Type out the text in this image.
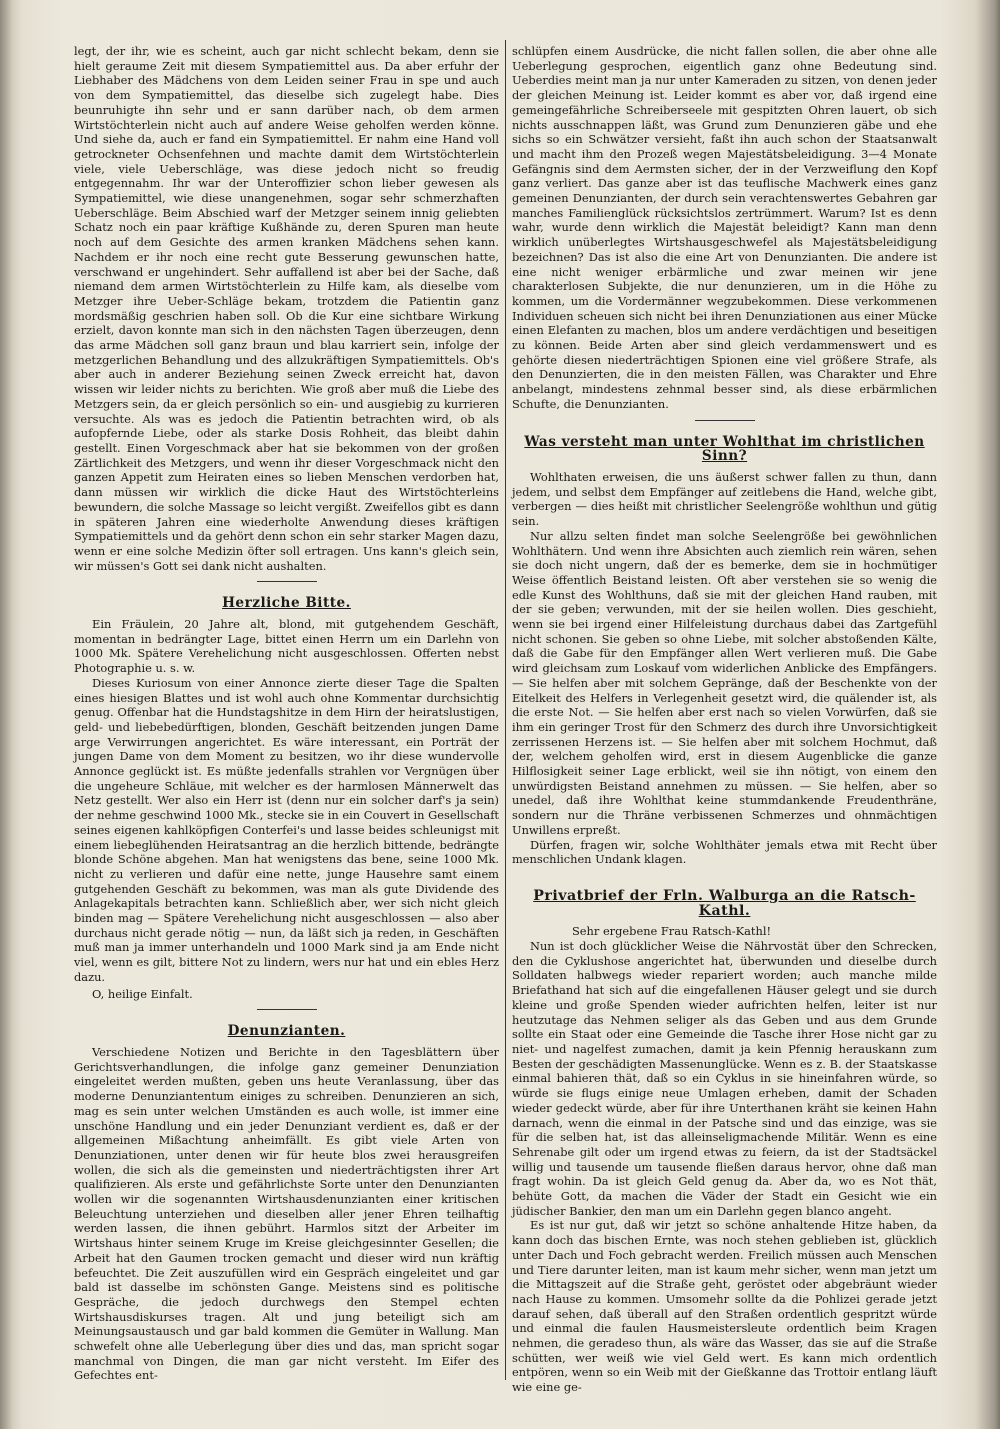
legt, der ihr, wie es scheint, auch gar nicht schlecht bekam, denn sie hielt geraume Zeit mit diesem Sympatiemittel aus. Da aber erfuhr der Liebhaber des Mädchens von dem Leiden seiner Frau in spe und auch von dem Sympatiemittel, das dieselbe sich zugelegt habe. Dies beunruhigte ihn sehr und er sann darüber nach, ob dem armen Wirtstöchterlein nicht auch auf andere Weise geholfen werden könne. Und siehe da, auch er fand ein Sympatiemittel. Er nahm eine Hand voll getrockneter Ochsenfehnen und machte damit dem Wirtstöchterlein viele, viele Ueberschläge, was diese jedoch nicht so freudig entgegennahm. Ihr war der Unteroffizier schon lieber gewesen als Sympatiemittel, wie diese unangenehmen, sogar sehr schmerzhaften Ueberschläge. Beim Abschied warf der Metzger seinem innig geliebten Schatz noch ein paar kräftige Kußhände zu, deren Spuren man heute noch auf dem Gesichte des armen kranken Mädchens sehen kann. Nachdem er ihr noch eine recht gute Besserung gewunschen hatte, verschwand er ungehindert. Sehr auffallend ist aber bei der Sache, daß niemand dem armen Wirtstöchterlein zu Hilfe kam, als dieselbe vom Metzger ihre Ueber-Schläge bekam, trotzdem die Patientin ganz mordsmäßig geschrien haben soll. Ob die Kur eine sichtbare Wirkung erzielt, davon konnte man sich in den nächsten Tagen überzeugen, denn das arme Mädchen soll ganz braun und blau karriert sein, infolge der metzgerlichen Behandlung und des allzukräftigen Sympatiemittels. Ob's aber auch in anderer Beziehung seinen Zweck erreicht hat, davon wissen wir leider nichts zu berichten. Wie groß aber muß die Liebe des Metzgers sein, da er gleich persönlich so ein- und ausgiebig zu kurrieren versuchte. Als was es jedoch die Patientin betrachten wird, ob als aufopfernde Liebe, oder als starke Dosis Rohheit, das bleibt dahin gestellt. Einen Vorgeschmack aber hat sie bekommen von der großen Zärtlichkeit des Metzgers, und wenn ihr dieser Vorgeschmack nicht den ganzen Appetit zum Heiraten eines so lieben Menschen verdorben hat, dann müssen wir wirklich die dicke Haut des Wirtstöchterleins bewundern, die solche Massage so leicht vergißt. Zweifellos gibt es dann in späteren Jahren eine wiederholte Anwendung dieses kräftigen Sympatiemittels und da gehört denn schon ein sehr starker Magen dazu, wenn er eine solche Medizin öfter soll ertragen. Uns kann's gleich sein, wir müssen's Gott sei dank nicht aushalten.

Herzliche Bitte.

Ein Fräulein, 20 Jahre alt, blond, mit gutgehendem Geschäft, momentan in bedrängter Lage, bittet einen Herrn um ein Darlehn von 1000 Mk. Spätere Verehelichung nicht ausgeschlossen. Offerten nebst Photographie u. s. w.

Dieses Kuriosum von einer Annonce zierte dieser Tage die Spalten eines hiesigen Blattes und ist wohl auch ohne Kommentar durchsichtig genug. Offenbar hat die Hundstagshitze in dem Hirn der heiratslustigen, geld- und liebebedürftigen, blonden, Geschäft beitzenden jungen Dame arge Verwirrungen angerichtet. Es wäre interessant, ein Porträt der jungen Dame von dem Moment zu besitzen, wo ihr diese wundervolle Annonce geglückt ist. Es müßte jedenfalls strahlen vor Vergnügen über die ungeheure Schläue, mit welcher es der harmlosen Männerwelt das Netz gestellt. Wer also ein Herr ist (denn nur ein solcher darf's ja sein) der nehme geschwind 1000 Mk., stecke sie in ein Couvert in Gesellschaft seines eigenen kahlköpfigen Conterfei's und lasse beides schleunigst mit einem liebeglühenden Heiratsantrag an die herzlich bittende, bedrängte blonde Schöne abgehen. Man hat wenigstens das bene, seine 1000 Mk. nicht zu verlieren und dafür eine nette, junge Hausehre samt einem gutgehenden Geschäft zu bekommen, was man als gute Dividende des Anlagekapitals betrachten kann. Schließlich aber, wer sich nicht gleich binden mag — Spätere Verehelichung nicht ausgeschlossen — also aber durchaus nicht gerade nötig — nun, da läßt sich ja reden, in Geschäften muß man ja immer unterhandeln und 1000 Mark sind ja am Ende nicht viel, wenn es gilt, bittere Not zu lindern, wers nur hat und ein ebles Herz dazu.

O, heilige Einfalt.

Denunzianten.

Verschiedene Notizen und Berichte in den Tagesblättern über Gerichtsverhandlungen, die infolge ganz gemeiner Denunziation eingeleitet werden mußten, geben uns heute Veranlassung, über das moderne Denunziantentum einiges zu schreiben. Denunzieren an sich, mag es sein unter welchen Umständen es auch wolle, ist immer eine unschöne Handlung und ein jeder Denunziant verdient es, daß er der allgemeinen Mißachtung anheimfällt. Es gibt viele Arten von Denunziationen, unter denen wir für heute blos zwei herausgreifen wollen, die sich als die gemeinsten und niederträchtigsten ihrer Art qualifizieren. Als erste und gefährlichste Sorte unter den Denunzianten wollen wir die sogenannten Wirtshausdenunzianten einer kritischen Beleuchtung unterziehen und dieselben aller jener Ehren teilhaftig werden lassen, die ihnen gebührt. Harmlos sitzt der Arbeiter im Wirtshaus hinter seinem Kruge im Kreise gleichgesinnter Gesellen; die Arbeit hat den Gaumen trocken gemacht und dieser wird nun kräftig befeuchtet. Die Zeit auszufüllen wird ein Gespräch eingeleitet und gar bald ist dasselbe im schönsten Gange. Meistens sind es politische Gespräche, die jedoch durchwegs den Stempel echten Wirtshausdiskurses tragen. Alt und jung beteiligt sich am Meinungsaustausch und gar bald kommen die Gemüter in Wallung. Man schwefelt ohne alle Ueberlegung über dies und das, man spricht sogar manchmal von Dingen, die man gar nicht versteht. Im Eifer des Gefechtes ent-

schlüpfen einem Ausdrücke, die nicht fallen sollen, die aber ohne alle Ueberlegung gesprochen, eigentlich ganz ohne Bedeutung sind. Ueberdies meint man ja nur unter Kameraden zu sitzen, von denen jeder der gleichen Meinung ist. Leider kommt es aber vor, daß irgend eine gemeingefährliche Schreiberseele mit gespitzten Ohren lauert, ob sich nichts ausschnappen läßt, was Grund zum Denunzieren gäbe und ehe sichs so ein Schwätzer versieht, faßt ihn auch schon der Staatsanwalt und macht ihm den Prozeß wegen Majestätsbeleidigung. 3—4 Monate Gefängnis sind dem Aermsten sicher, der in der Verzweiflung den Kopf ganz verliert. Das ganze aber ist das teuflische Machwerk eines ganz gemeinen Denunzianten, der durch sein verachtenswertes Gebahren gar manches Familienglück rücksichtslos zertrümmert. Warum? Ist es denn wahr, wurde denn wirklich die Majestät beleidigt? Kann man denn wirklich unüberlegtes Wirtshausgeschwefel als Majestätsbeleidigung bezeichnen? Das ist also die eine Art von Denunzianten. Die andere ist eine nicht weniger erbärmliche und zwar meinen wir jene charakterlosen Subjekte, die nur denunzieren, um in die Höhe zu kommen, um die Vordermänner wegzubekommen. Diese verkommenen Individuen scheuen sich nicht bei ihren Denunziationen aus einer Mücke einen Elefanten zu machen, blos um andere verdächtigen und beseitigen zu können. Beide Arten aber sind gleich verdammenswert und es gehörte diesen niederträchtigen Spionen eine viel größere Strafe, als den Denunzierten, die in den meisten Fällen, was Charakter und Ehre anbelangt, mindestens zehnmal besser sind, als diese erbärmlichen Schufte, die Denunzianten.

Was versteht man unter Wohlthat im christlichen Sinn?

Wohlthaten erweisen, die uns äußerst schwer fallen zu thun, dann jedem, und selbst dem Empfänger auf zeitlebens die Hand, welche gibt, verbergen — dies heißt mit christlicher Seelengröße wohlthun und gütig sein.

Nur allzu selten findet man solche Seelengröße bei gewöhnlichen Wohlthätern. Und wenn ihre Absichten auch ziemlich rein wären, sehen sie doch nicht ungern, daß der es bemerke, dem sie in hochmütiger Weise öffentlich Beistand leisten. Oft aber verstehen sie so wenig die edle Kunst des Wohlthuns, daß sie mit der gleichen Hand rauben, mit der sie geben; verwunden, mit der sie heilen wollen. Dies geschieht, wenn sie bei irgend einer Hilfeleistung durchaus dabei das Zartgefühl nicht schonen. Sie geben so ohne Liebe, mit solcher abstoßenden Kälte, daß die Gabe für den Empfänger allen Wert verlieren muß. Die Gabe wird gleichsam zum Loskauf vom widerlichen Anblicke des Empfängers. — Sie helfen aber mit solchem Gepränge, daß der Beschenkte von der Eitelkeit des Helfers in Verlegenheit gesetzt wird, die quälender ist, als die erste Not. — Sie helfen aber erst nach so vielen Vorwürfen, daß sie ihm ein geringer Trost für den Schmerz des durch ihre Unvorsichtigkeit zerrissenen Herzens ist. — Sie helfen aber mit solchem Hochmut, daß der, welchem geholfen wird, erst in diesem Augenblicke die ganze Hilflosigkeit seiner Lage erblickt, weil sie ihn nötigt, von einem den unwürdigsten Beistand annehmen zu müssen. — Sie helfen, aber so unedel, daß ihre Wohlthat keine stummdankende Freudenthräne, sondern nur die Thräne verbissenen Schmerzes und ohnmächtigen Unwillens erpreßt.

Dürfen, fragen wir, solche Wohlthäter jemals etwa mit Recht über menschlichen Undank klagen.

Privatbrief der Frln. Walburga an die Ratsch-Kathl.

Sehr ergebene Frau Ratsch-Kathl!

Nun ist doch glücklicher Weise die Nährvostät über den Schrecken, den die Cyklushose angerichtet hat, überwunden und dieselbe durch Solldaten halbwegs wieder repariert worden; auch manche milde Briefathand hat sich auf die eingefallenen Häuser gelegt und sie durch kleine und große Spenden wieder aufrichten helfen, leiter ist nur heutzutage das Nehmen seliger als das Geben und aus dem Grunde sollte ein Staat oder eine Gemeinde die Tasche ihrer Hose nicht gar zu niet- und nagelfest zumachen, damit ja kein Pfennig herauskann zum Besten der geschädigten Massenunglücke. Wenn es z. B. der Staatskasse einmal bahieren thät, daß so ein Cyklus in sie hineinfahren würde, so würde sie flugs einige neue Umlagen erheben, damit der Schaden wieder gedeckt würde, aber für ihre Unterthanen kräht sie keinen Hahn darnach, wenn die einmal in der Patsche sind und das einzige, was sie für die selben hat, ist das alleinseligmachende Militär. Wenn es eine Sehrenabe gilt oder um irgend etwas zu feiern, da ist der Stadtsäckel willig und tausende um tausende fließen daraus hervor, ohne daß man fragt wohin. Da ist gleich Geld genug da. Aber da, wo es Not thät, behüte Gott, da machen die Väder der Stadt ein Gesicht wie ein jüdischer Bankier, den man um ein Darlehn gegen blanco angeht.

Es ist nur gut, daß wir jetzt so schöne anhaltende Hitze haben, da kann doch das bischen Ernte, was noch stehen geblieben ist, glücklich unter Dach und Foch gebracht werden. Freilich müssen auch Menschen und Tiere darunter leiten, man ist kaum mehr sicher, wenn man jetzt um die Mittagszeit auf die Straße geht, geröstet oder abgebräunt wieder nach Hause zu kommen. Umsomehr sollte da die Pohlizei gerade jetzt darauf sehen, daß überall auf den Straßen ordentlich gespritzt würde und einmal die faulen Hausmeistersleute ordentlich beim Kragen nehmen, die geradeso thun, als wäre das Wasser, das sie auf die Straße schütten, wer weiß wie viel Geld wert. Es kann mich ordentlich entpören, wenn so ein Weib mit der Gießkanne das Trottoir entlang läuft wie eine ge-
